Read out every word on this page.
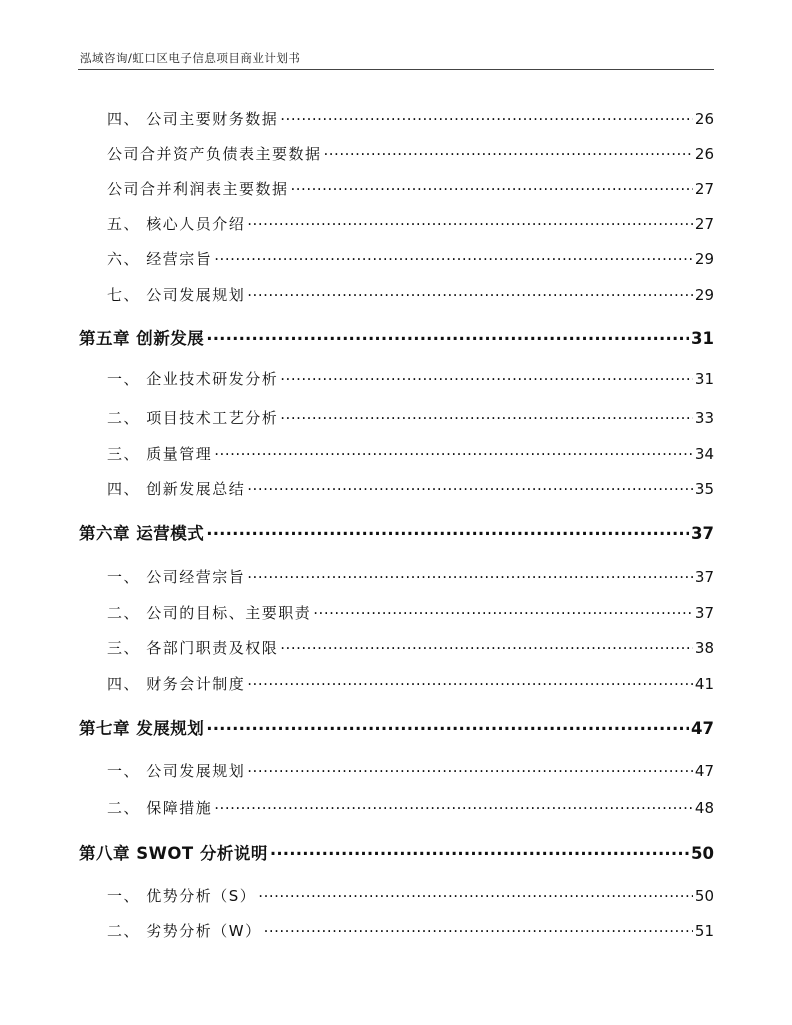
泓域咨询/虹口区电子信息项目商业计划书
四、 公司主要财务数据 .....	26
公司合并资产负债表主要数据 .....	26
公司合并利润表主要数据 .....	27
五、 核心人员介绍 .....	27
六、 经营宗旨 .....	29
七、 公司发展规划 .....	29
第五章 创新发展 .....	31
一、 企业技术研发分析 .....	31
二、 项目技术工艺分析 .....	33
三、 质量管理 .....	34
四、 创新发展总结 .....	35
第六章 运营模式 .....	37
一、 公司经营宗旨 .....	37
二、 公司的目标、主要职责 .....	37
三、 各部门职责及权限 .....	38
四、 财务会计制度 .....	41
第七章 发展规划 .....	47
一、 公司发展规划 .....	47
二、 保障措施 .....	48
第八章 SWOT 分析说明 .....	50
一、 优势分析（S） .....	50
二、 劣势分析（W） .....	51
